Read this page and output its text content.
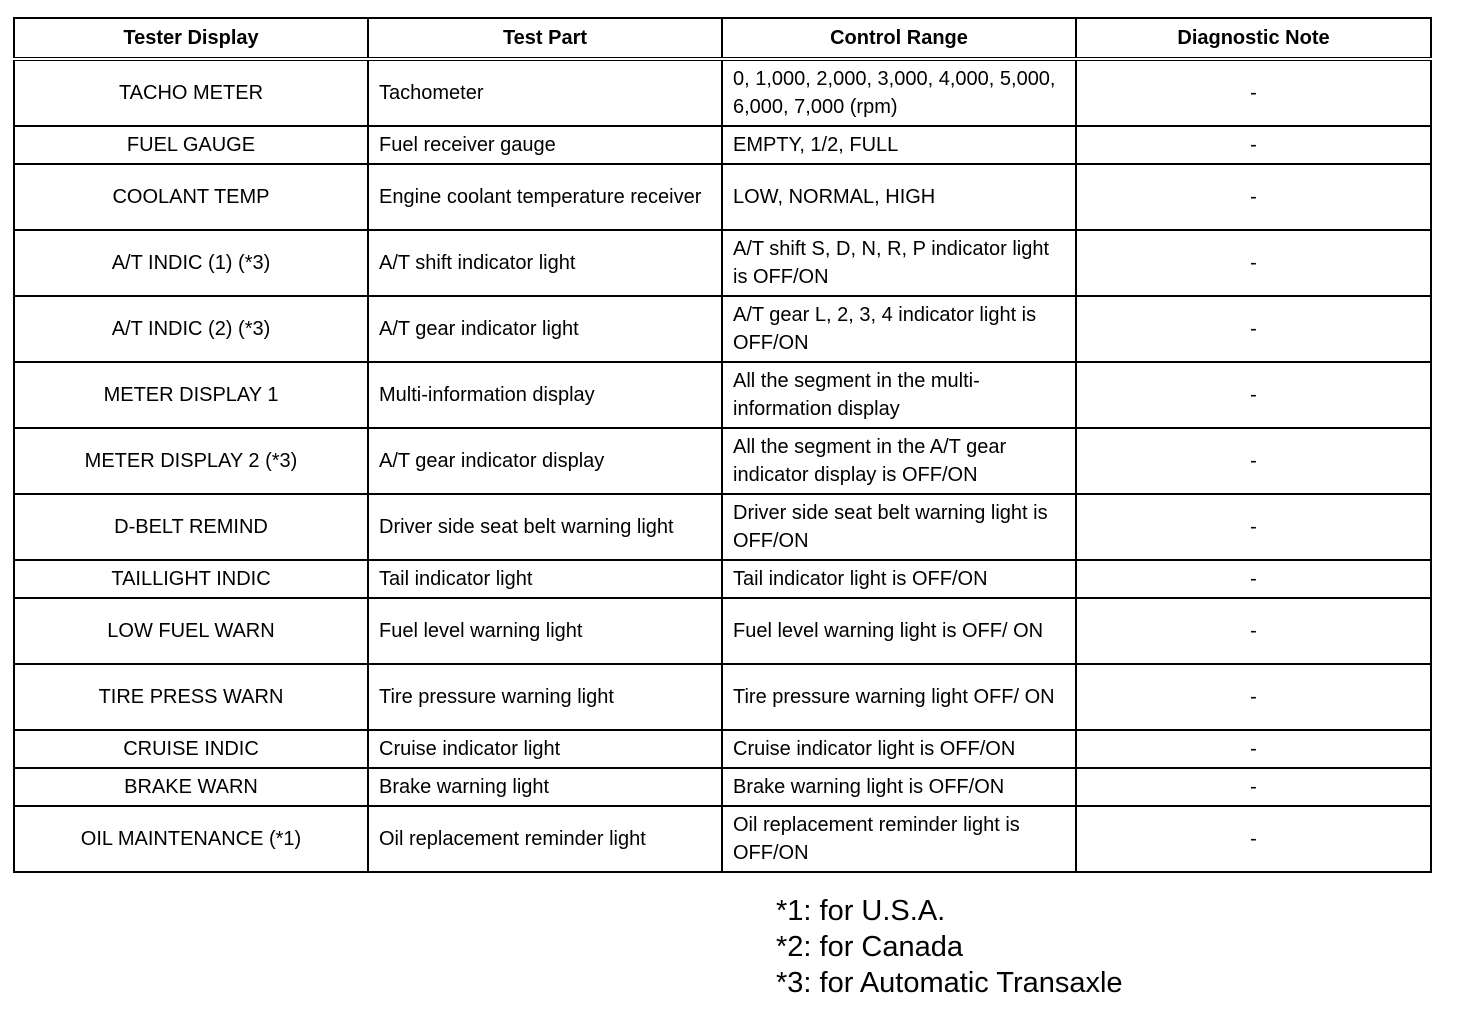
Tester Display	Test Part	Control Range	Diagnostic Note
TACHO METER	Tachometer	0, 1,000, 2,000, 3,000, 4,000, 5,000, 6,000, 7,000 (rpm)	-
FUEL GAUGE	Fuel receiver gauge	EMPTY, 1/2, FULL	-
COOLANT TEMP	Engine coolant temperature receiver	LOW, NORMAL, HIGH	-
A/T INDIC (1) (*3)	A/T shift indicator light	A/T shift S, D, N, R, P indicator light is OFF/ON	-
A/T INDIC (2) (*3)	A/T gear indicator light	A/T gear L, 2, 3, 4 indicator light is OFF/ON	-
METER DISPLAY 1	Multi-information display	All the segment in the multi-information display	-
METER DISPLAY 2 (*3)	A/T gear indicator display	All the segment in the A/T gear indicator display is OFF/ON	-
D-BELT REMIND	Driver side seat belt warning light	Driver side seat belt warning light is OFF/ON	-
TAILLIGHT INDIC	Tail indicator light	Tail indicator light is OFF/ON	-
LOW FUEL WARN	Fuel level warning light	Fuel level warning light is OFF/ ON	-
TIRE PRESS WARN	Tire pressure warning light	Tire pressure warning light OFF/ ON	-
CRUISE INDIC	Cruise indicator light	Cruise indicator light is OFF/ON	-
BRAKE WARN	Brake warning light	Brake warning light is OFF/ON	-
OIL MAINTENANCE (*1)	Oil replacement reminder light	Oil replacement reminder light is OFF/ON	-
*1: for U.S.A.
*2: for Canada
*3: for Automatic Transaxle
